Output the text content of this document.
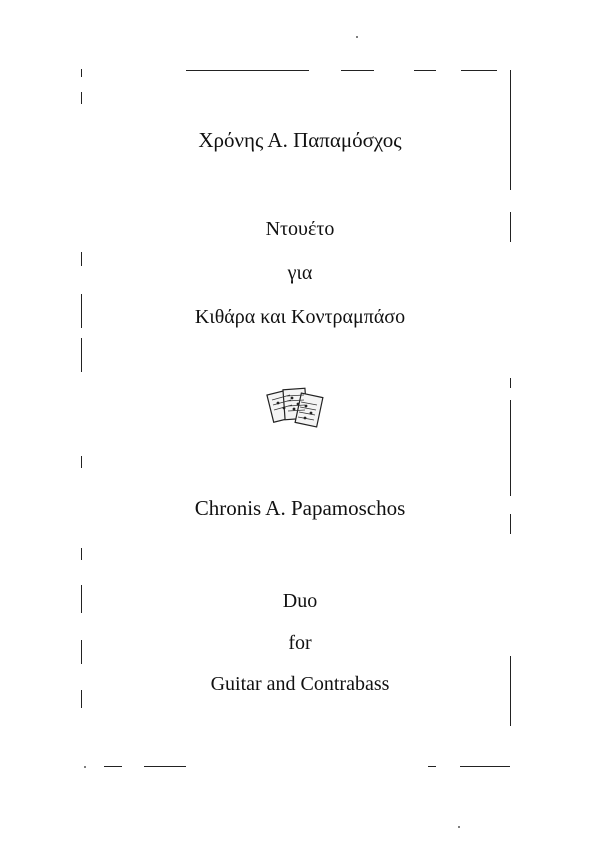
Χρόνης Α. Παπαμόσχος
Ντουέτο
για
Κιθάρα και Κοντραμπάσο
Chronis A. Papamoschos
Duo
for
Guitar and Contrabass
